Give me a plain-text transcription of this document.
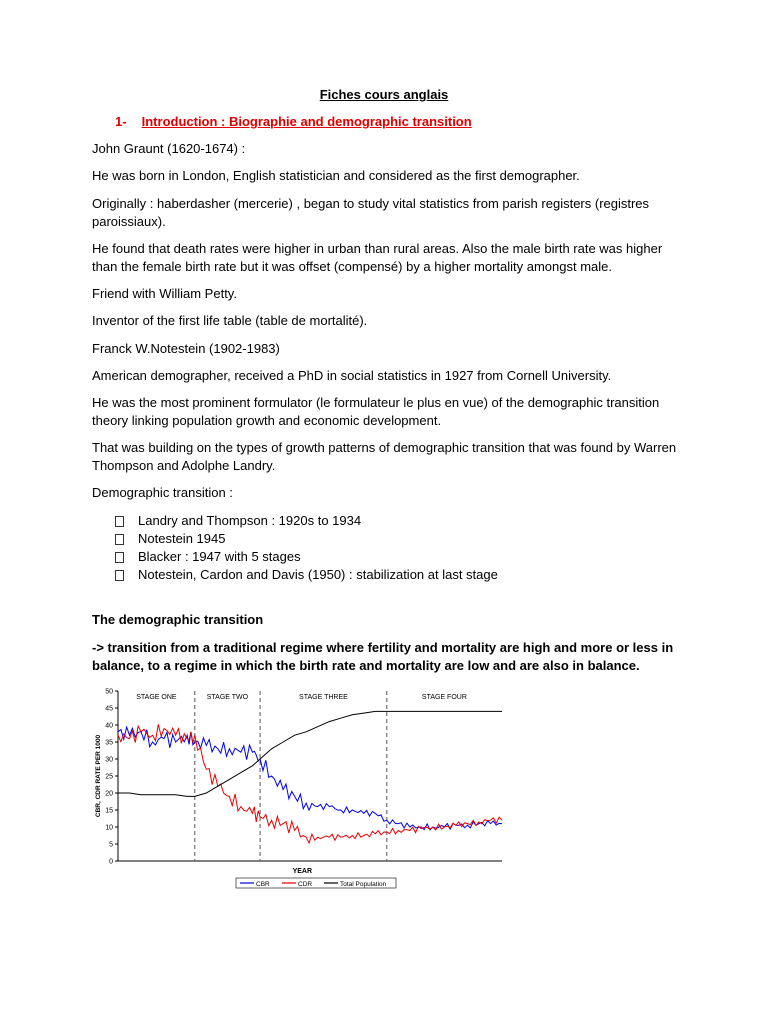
Fiches cours anglais
1- Introduction : Biographie and demographic transition
John Graunt (1620-1674) :
He was born in London, English statistician and considered as the first demographer.
Originally : haberdasher (mercerie) , began to study vital statistics from parish registers (registres paroissiaux).
He found that death rates were higher in urban than rural areas. Also the male birth rate was higher than the female birth rate but it was offset (compensé) by a higher mortality amongst male.
Friend with William Petty.
Inventor of the first life table (table de mortalité).
Franck W.Notestein (1902-1983)
American demographer, received a PhD in social statistics in 1927 from Cornell University.
He was the most prominent formulator (le formulateur le plus en vue) of the demographic transition theory linking population growth and economic development.
That was building on the types of growth patterns of demographic transition that was found by Warren Thompson and Adolphe Landry.
Demographic transition :
Landry and Thompson : 1920s to 1934
Notestein 1945
Blacker : 1947 with 5 stages
Notestein, Cardon and Davis (1950) : stabilization at last stage
The demographic transition
-> transition from a traditional regime where fertility and mortality are high and more or less in balance, to a regime in which the birth rate and mortality are low and are also in balance.
0
5
10
15
20
25
30
35
40
45
50
CBR, CDR RATE PER 1000
YEAR
STAGE ONE	STAGE TWO	STAGE THREE	STAGE FOUR
CBR	CDR	Total Population
